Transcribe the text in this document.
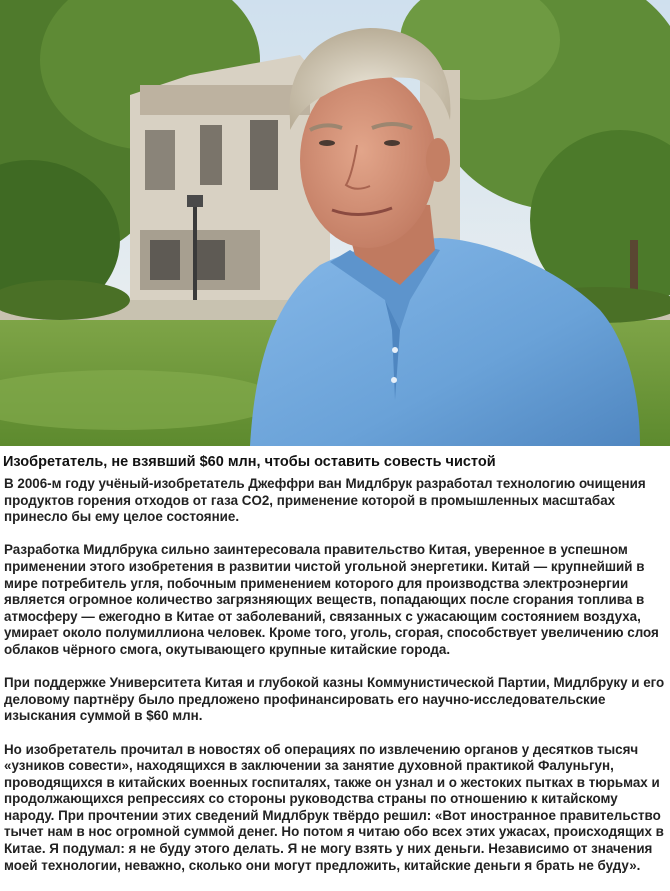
Изобретатель, не взявший $60 млн, чтобы оставить совесть чистой

В 2006-м году учёный-изобретатель Джеффри ван Мидлбрук разработал технологию очищения продуктов горения отходов от газа CO2, применение которой в промышленных масштабах принесло бы ему целое состояние.

Разработка Мидлбрука сильно заинтересовала правительство Китая, уверенное в успешном применении этого изобретения в развитии чистой угольной энергетики. Китай — крупнейший в мире потребитель угля, побочным применением которого для производства электроэнергии является огромное количество загрязняющих веществ, попадающих после сгорания топлива в атмосферу — ежегодно в Китае от заболеваний, связанных с ужасающим состоянием воздуха, умирает около полумиллиона человек. Кроме того, уголь, сгорая, способствует увеличению слоя облаков чёрного смога, окутывающего крупные китайские города.

При поддержке Университета Китая и глубокой казны Коммунистической Партии, Мидлбруку и его деловому партнёру было предложено профинансировать его научно-исследовательские изыскания суммой в $60 млн.

Но изобретатель прочитал в новостях об операциях по извлечению органов у десятков тысяч «узников совести», находящихся в заключении за занятие духовной практикой Фалуньгун, проводящихся в китайских военных госпиталях, также он узнал и о жестоких пытках в тюрьмах и продолжающихся репрессиях со стороны руководства страны по отношению к китайскому народу. При прочтении этих сведений Мидлбрук твёрдо решил: «Вот иностранное правительство тычет нам в нос огромной суммой денег. Но потом я читаю обо всех этих ужасах, происходящих в Китае. Я подумал: я не буду этого делать. Я не могу взять у них деньги. Независимо от значения моей технологии, неважно, сколько они могут предложить, китайские деньги я брать не буду».
